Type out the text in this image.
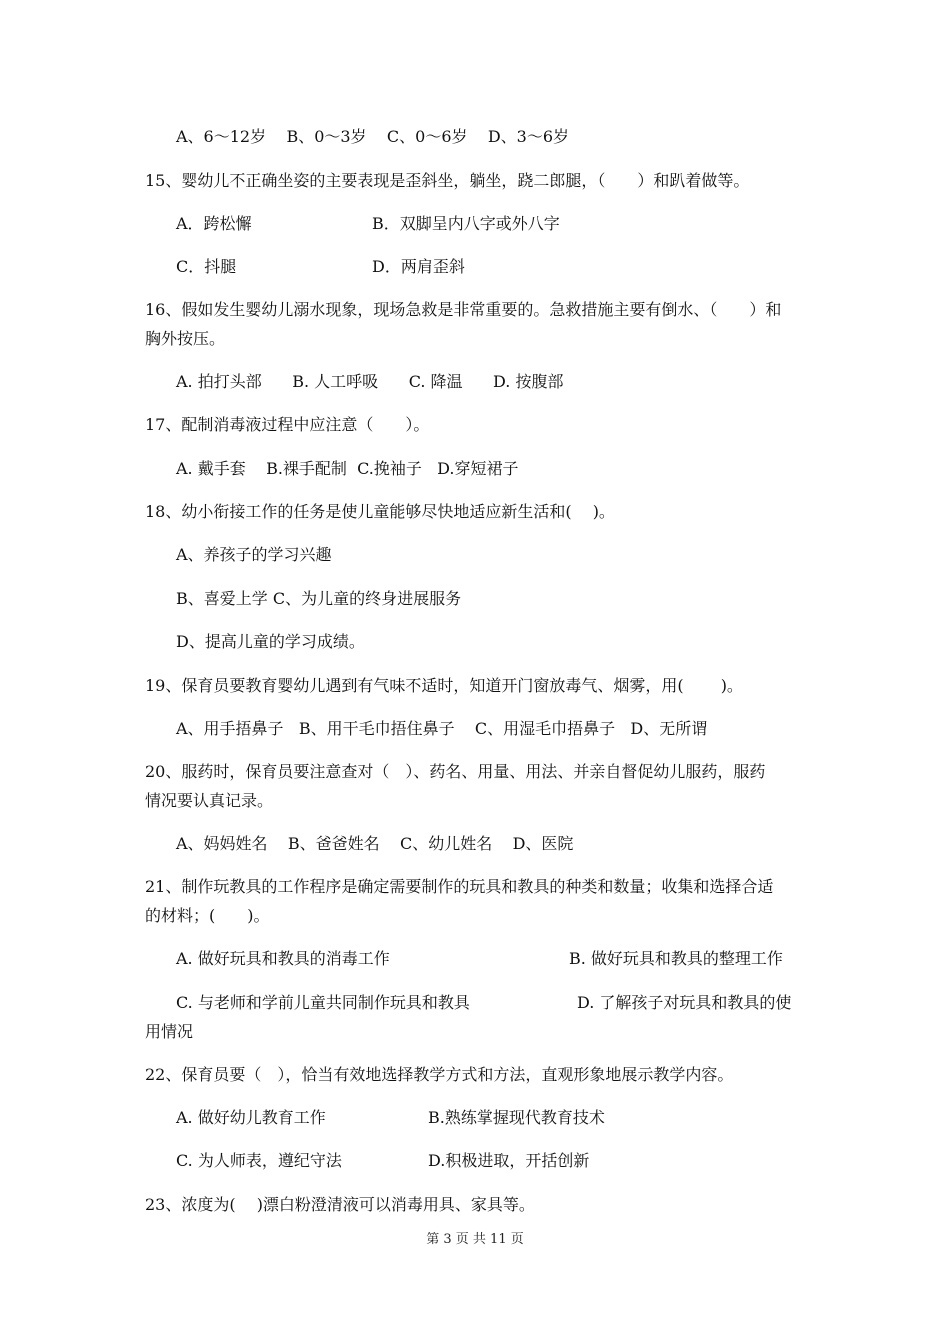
A、6～12岁    B、0～3岁    C、0～6岁    D、3～6岁
15、婴幼儿不正确坐姿的主要表现是歪斜坐，躺坐，跷二郎腿，（　　）和趴着做等。
A．跨松懈	B．双脚呈内八字或外八字
C．抖腿	D．两肩歪斜
16、假如发生婴幼儿溺水现象，现场急救是非常重要的。急救措施主要有倒水、（　　）和
胸外按压。
A. 拍打头部      B. 人工呼吸      C. 降温      D. 按腹部
17、配制消毒液过程中应注意（　　）。
A. 戴手套    B.裸手配制  C.挽袖子   D.穿短裙子
18、幼小衔接工作的任务是使儿童能够尽快地适应新生活和(　 )。
A、养孩子的学习兴趣
B、喜爱上学 C、为儿童的终身进展服务
D、提高儿童的学习成绩。
19、保育员要教育婴幼儿遇到有气味不适时，知道开门窗放毒气、烟雾，用(　 　)。
A、用手捂鼻子   B、用干毛巾捂住鼻子    C、用湿毛巾捂鼻子   D、无所谓
20、服药时，保育员要注意查对（　）、药名、用量、用法、并亲自督促幼儿服药，服药
情况要认真记录。
A、妈妈姓名    B、爸爸姓名    C、幼儿姓名    D、医院
21、制作玩教具的工作程序是确定需要制作的玩具和教具的种类和数量；收集和选择合适
的材料；(　　)。
A. 做好玩具和教具的消毒工作	B. 做好玩具和教具的整理工作
C. 与老师和学前儿童共同制作玩具和教具	D. 了解孩子对玩具和教具的使
用情况
22、保育员要（　），恰当有效地选择教学方式和方法，直观形象地展示教学内容。
A. 做好幼儿教育工作	B.熟练掌握现代教育技术
C. 为人师表，遵纪守法	D.积极进取，开括创新
23、浓度为(　 )漂白粉澄清液可以消毒用具、家具等。
第 3 页 共 11 页
